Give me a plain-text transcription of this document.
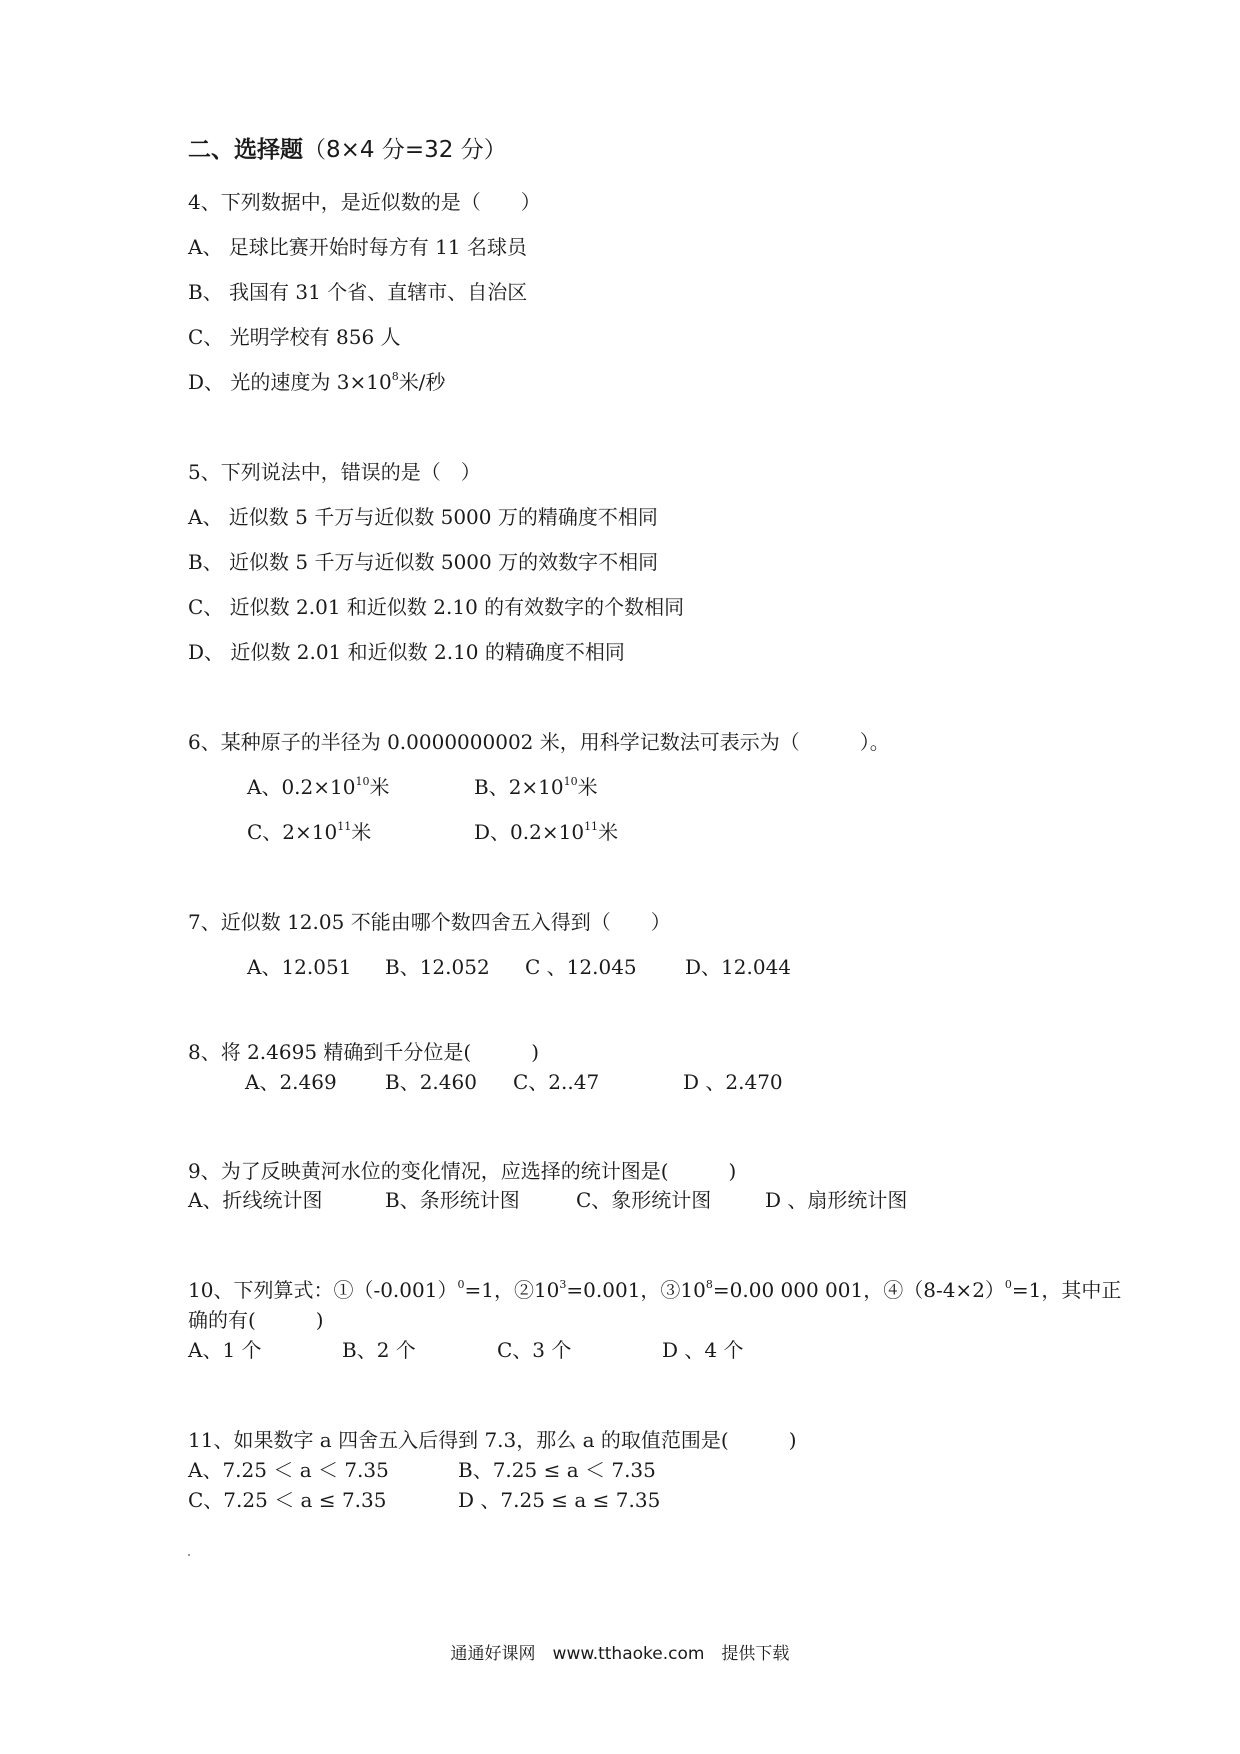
二、选择题（8×4 分=32 分）
4、下列数据中，是近似数的是（　　）
A、 足球比赛开始时每方有 11 名球员
B、 我国有 31 个省、直辖市、自治区
C、 光明学校有 856 人
D、 光的速度为 $3\times 10^8$米/秒
5、下列说法中，错误的是（　）
A、 近似数 5 千万与近似数 5000 万的精确度不相同
B、 近似数 5 千万与近似数 5000 万的效数字不相同
C、 近似数 2.01 和近似数 2.10 的有效数字的个数相同
D、 近似数 2.01 和近似数 2.10 的精确度不相同
6、某种原子的半径为 0.0000000002 米，用科学记数法可表示为（　　　）。
A、$0.2\times 10^{10}$米	B、$2\times 10^{10}$米
C、$2\times 10^{11}$米	D、$0.2\times 10^{11}$米
7、近似数 12.05 不能由哪个数四舍五入得到（　　）
A、12.051 B、12.052 C 、12.045 D、12.044
8、将 2.4695 精确到千分位是(　　　)
A、2.469 B、2.460 C、2..47	D 、2.470
9、为了反映黄河水位的变化情况，应选择的统计图是(　　　)
A、折线统计图	B、条形统计图	C、象形统计图	D 、扇形统计图
10、下列算式：$①(-0.001)^0=1$，$②10^3=0.001$，$③10^8=0.00$ 000 001，$④(8-4\times 2)^0=1$，其中正
确的有(　　　)
A、1 个	B、2 个	C、3 个	D 、4 个
11、如果数字 a 四舍五入后得到 7.3，那么 a 的取值范围是(　　　)
A、7.25 ＜ a ＜ 7.35	B、7.25 ≤ a ＜ 7.35
C、7.25 ＜ a ≤ 7.35	D 、7.25 ≤ a ≤ 7.35
通通好课网　www.tthaoke.com　提供下载
